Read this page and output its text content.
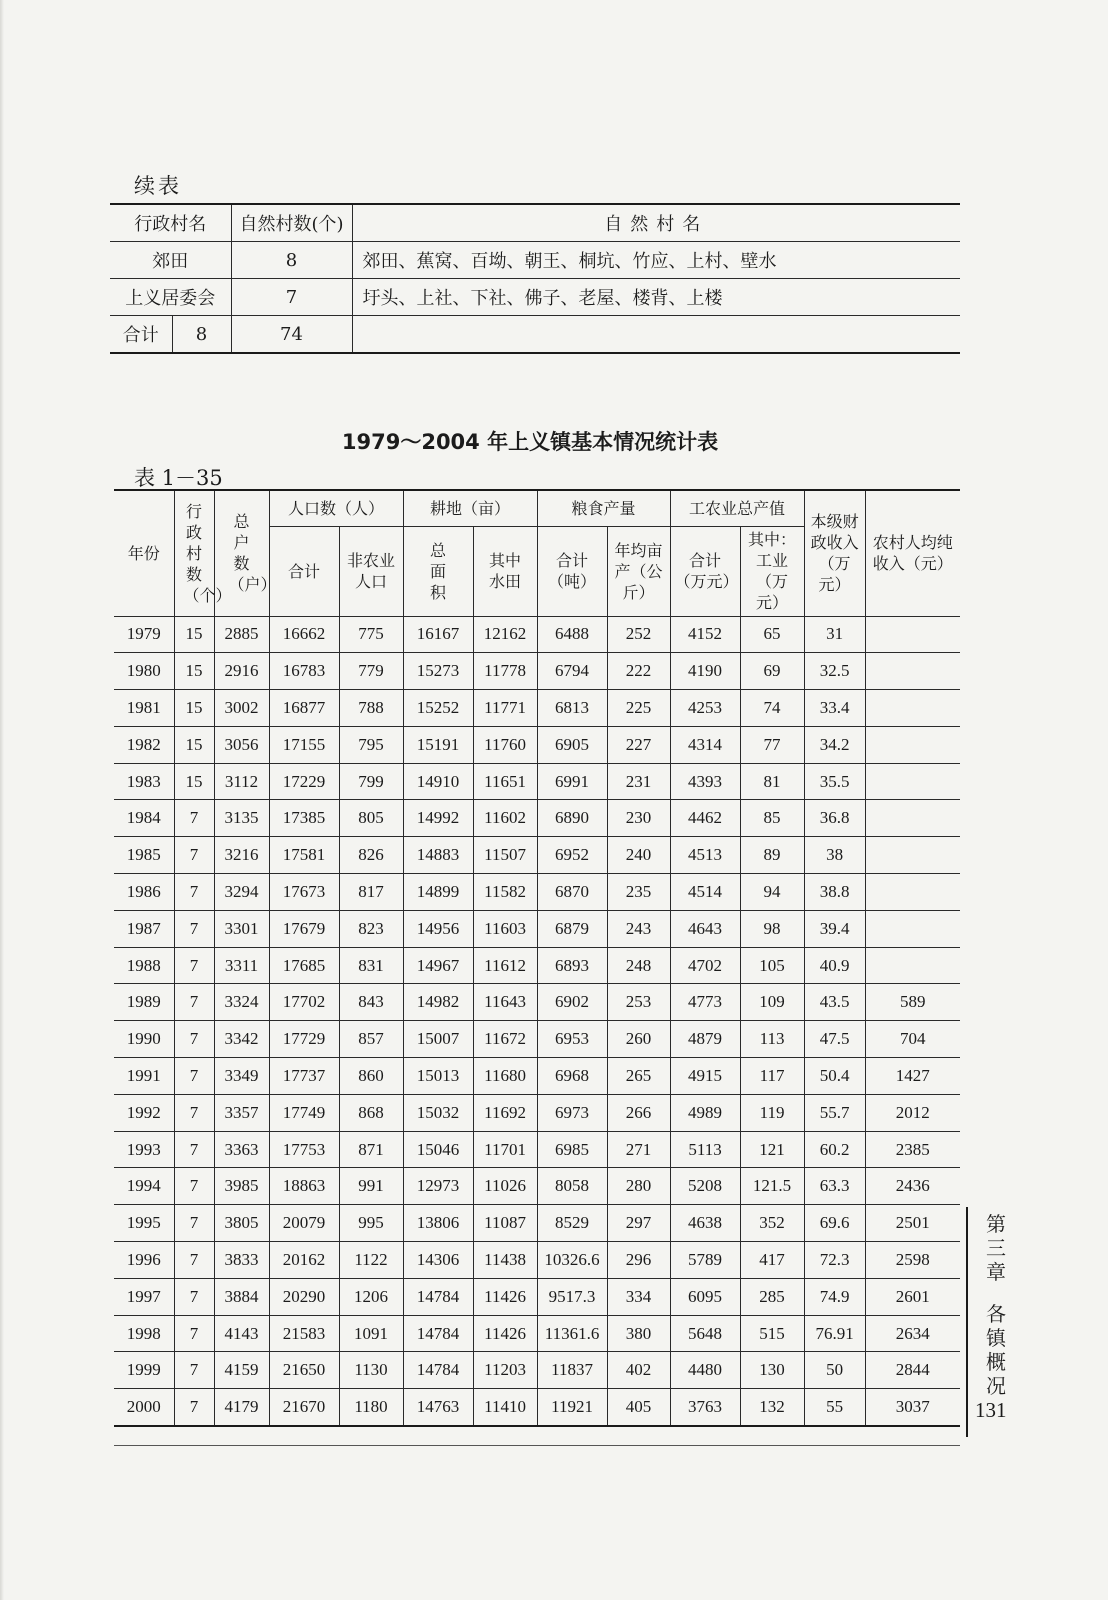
续表
行政村名		自然村数(个)	自然村名
郊田		8	郊田、蕉窝、百坳、朝王、桐坑、竹应、上村、壁水
上义居委会		7	圩头、上社、下社、佛子、老屋、楼背、上楼
合计	8	74	
1979～2004 年上义镇基本情况统计表
表 1－35
年份	行政村数（个）	总户数（户）	人口数（人）		耕地（亩）		粮食产量		工农业总产值		本级财政收入（万元）	农村人均纯收入（元）
			合计	非农业人口	总面积	其中水田	合计（吨）	年均亩产（公斤）	合计（万元）	其中：工业（万元）		
1979	15	2885	16662	775	16167	12162	6488	252	4152	65	31	
1980	15	2916	16783	779	15273	11778	6794	222	4190	69	32.5	
1981	15	3002	16877	788	15252	11771	6813	225	4253	74	33.4	
1982	15	3056	17155	795	15191	11760	6905	227	4314	77	34.2	
1983	15	3112	17229	799	14910	11651	6991	231	4393	81	35.5	
1984	7	3135	17385	805	14992	11602	6890	230	4462	85	36.8	
1985	7	3216	17581	826	14883	11507	6952	240	4513	89	38	
1986	7	3294	17673	817	14899	11582	6870	235	4514	94	38.8	
1987	7	3301	17679	823	14956	11603	6879	243	4643	98	39.4	
1988	7	3311	17685	831	14967	11612	6893	248	4702	105	40.9	
1989	7	3324	17702	843	14982	11643	6902	253	4773	109	43.5	589
1990	7	3342	17729	857	15007	11672	6953	260	4879	113	47.5	704
1991	7	3349	17737	860	15013	11680	6968	265	4915	117	50.4	1427
1992	7	3357	17749	868	15032	11692	6973	266	4989	119	55.7	2012
1993	7	3363	17753	871	15046	11701	6985	271	5113	121	60.2	2385
1994	7	3985	18863	991	12973	11026	8058	280	5208	121.5	63.3	2436
1995	7	3805	20079	995	13806	11087	8529	297	4638	352	69.6	2501
1996	7	3833	20162	1122	14306	11438	10326.6	296	5789	417	72.3	2598
1997	7	3884	20290	1206	14784	11426	9517.3	334	6095	285	74.9	2601
1998	7	4143	21583	1091	14784	11426	11361.6	380	5648	515	76.91	2634
1999	7	4159	21650	1130	14784	11203	11837	402	4480	130	50	2844
2000	7	4179	21670	1180	14763	11410	11921	405	3763	132	55	3037
第三章
各镇概况
131
